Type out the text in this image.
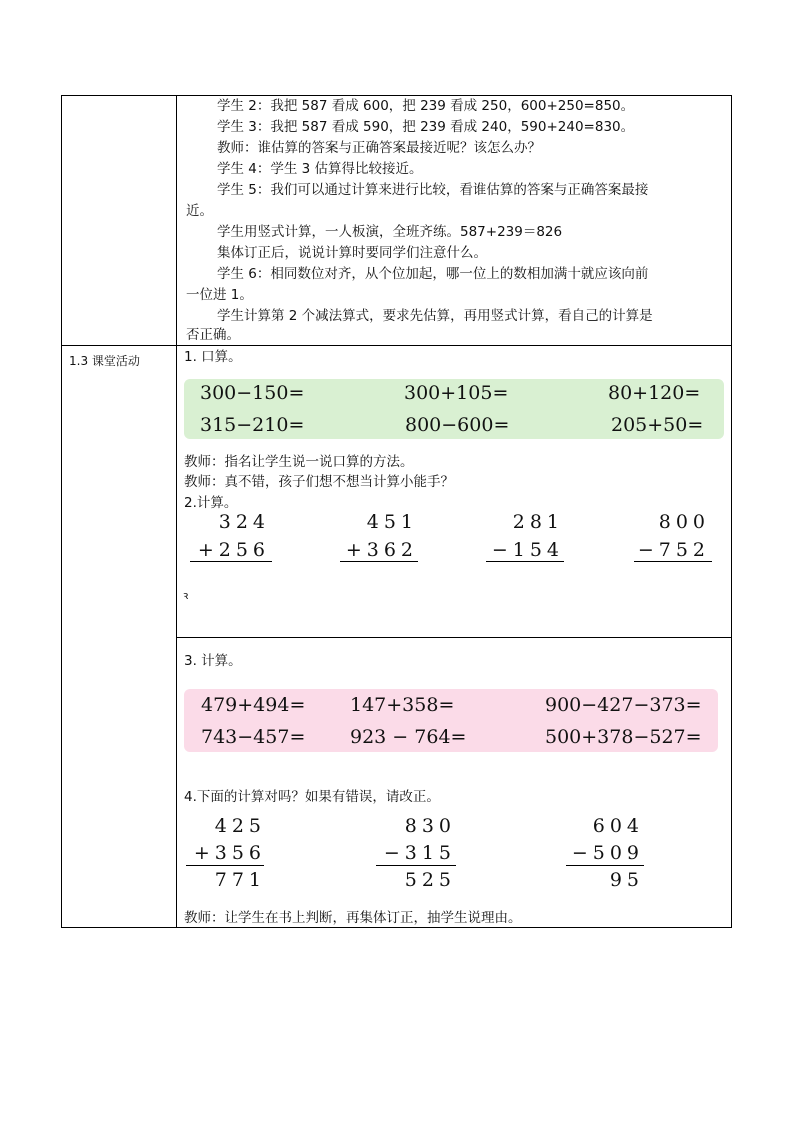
学生 2：我把 587 看成 600，把 239 看成 250，600+250=850。
学生 3：我把 587 看成 590，把 239 看成 240，590+240=830。
教师：谁估算的答案与正确答案最接近呢？该怎么办？
学生 4：学生 3 估算得比较接近。
学生 5：我们可以通过计算来进行比较，看谁估算的答案与正确答案最接
近。
学生用竖式计算，一人板演，全班齐练。587+239＝826
集体订正后，说说计算时要同学们注意什么。
学生 6：相同数位对齐，从个位加起，哪一位上的数相加满十就应该向前
一位进 1。
学生计算第 2 个减法算式，要求先估算，再用竖式计算，看自己的计算是
否正确。
1.3 课堂活动	1. 口算。
300−150=	300+105=	80+120=
315−210=	800−600=	205+50=
教师：指名让学生说一说口算的方法。
教师：真不错，孩子们想不想当计算小能手？
2.计算。
324
+256
451
+362
281
−154
800
−752
ꝛ
3. 计算。
479+494= 147+358=	900−427−373=
743−457= 923 − 764=	500+378−527=
4.下面的计算对吗？如果有错误，请改正。
425
+356
771
830
−315
525
604
−509
95
教师：让学生在书上判断，再集体订正，抽学生说理由。
